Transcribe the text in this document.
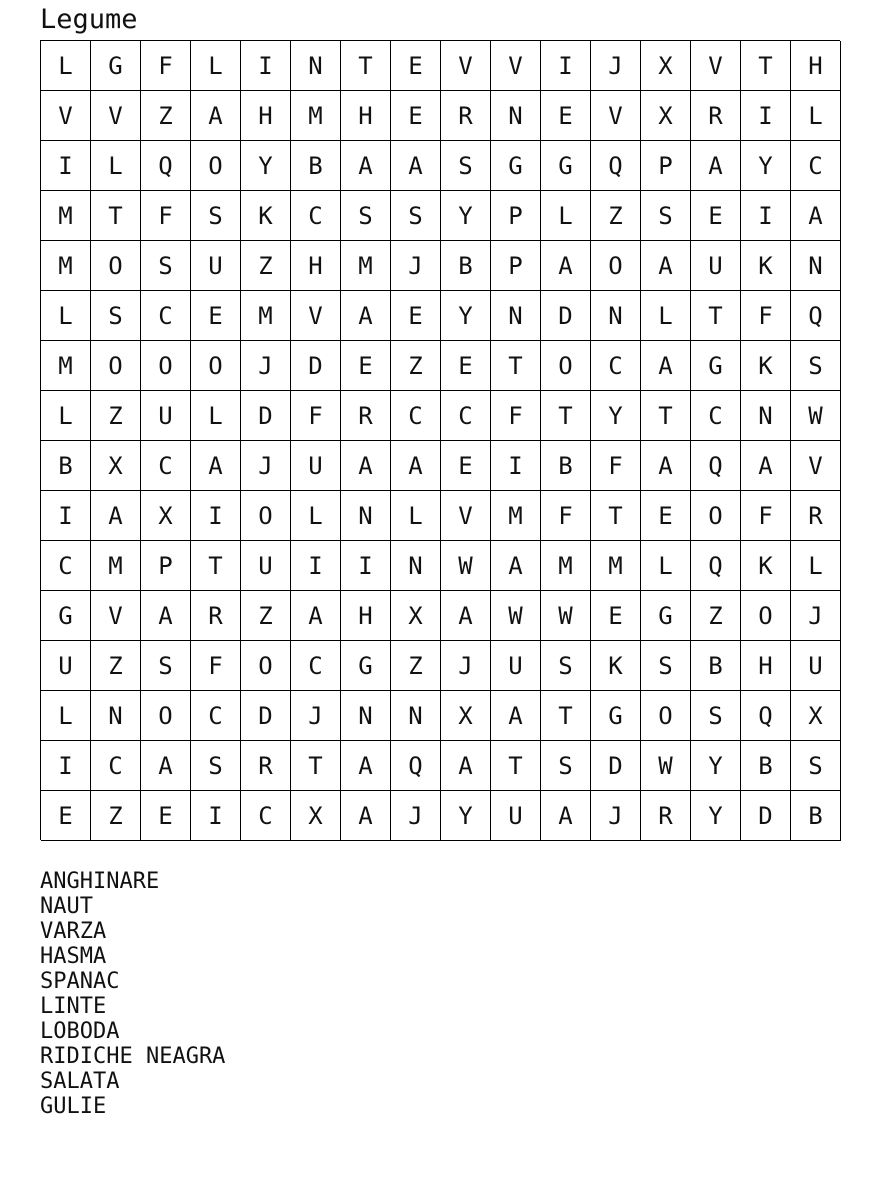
Legume
L	G	F	L	I	N	T	E	V	V	I	J	X	V	T	H
V	V	Z	A	H	M	H	E	R	N	E	V	X	R	I	L
I	L	Q	O	Y	B	A	A	S	G	G	Q	P	A	Y	C
M	T	F	S	K	C	S	S	Y	P	L	Z	S	E	I	A
M	O	S	U	Z	H	M	J	B	P	A	O	A	U	K	N
L	S	C	E	M	V	A	E	Y	N	D	N	L	T	F	Q
M	O	O	O	J	D	E	Z	E	T	O	C	A	G	K	S
L	Z	U	L	D	F	R	C	C	F	T	Y	T	C	N	W
B	X	C	A	J	U	A	A	E	I	B	F	A	Q	A	V
I	A	X	I	O	L	N	L	V	M	F	T	E	O	F	R
C	M	P	T	U	I	I	N	W	A	M	M	L	Q	K	L
G	V	A	R	Z	A	H	X	A	W	W	E	G	Z	O	J
U	Z	S	F	O	C	G	Z	J	U	S	K	S	B	H	U
L	N	O	C	D	J	N	N	X	A	T	G	O	S	Q	X
I	C	A	S	R	T	A	Q	A	T	S	D	W	Y	B	S
E	Z	E	I	C	X	A	J	Y	U	A	J	R	Y	D	B
ANGHINARE
NAUT
VARZA
HASMA
SPANAC
LINTE
LOBODA
RIDICHE NEAGRA
SALATA
GULIE
